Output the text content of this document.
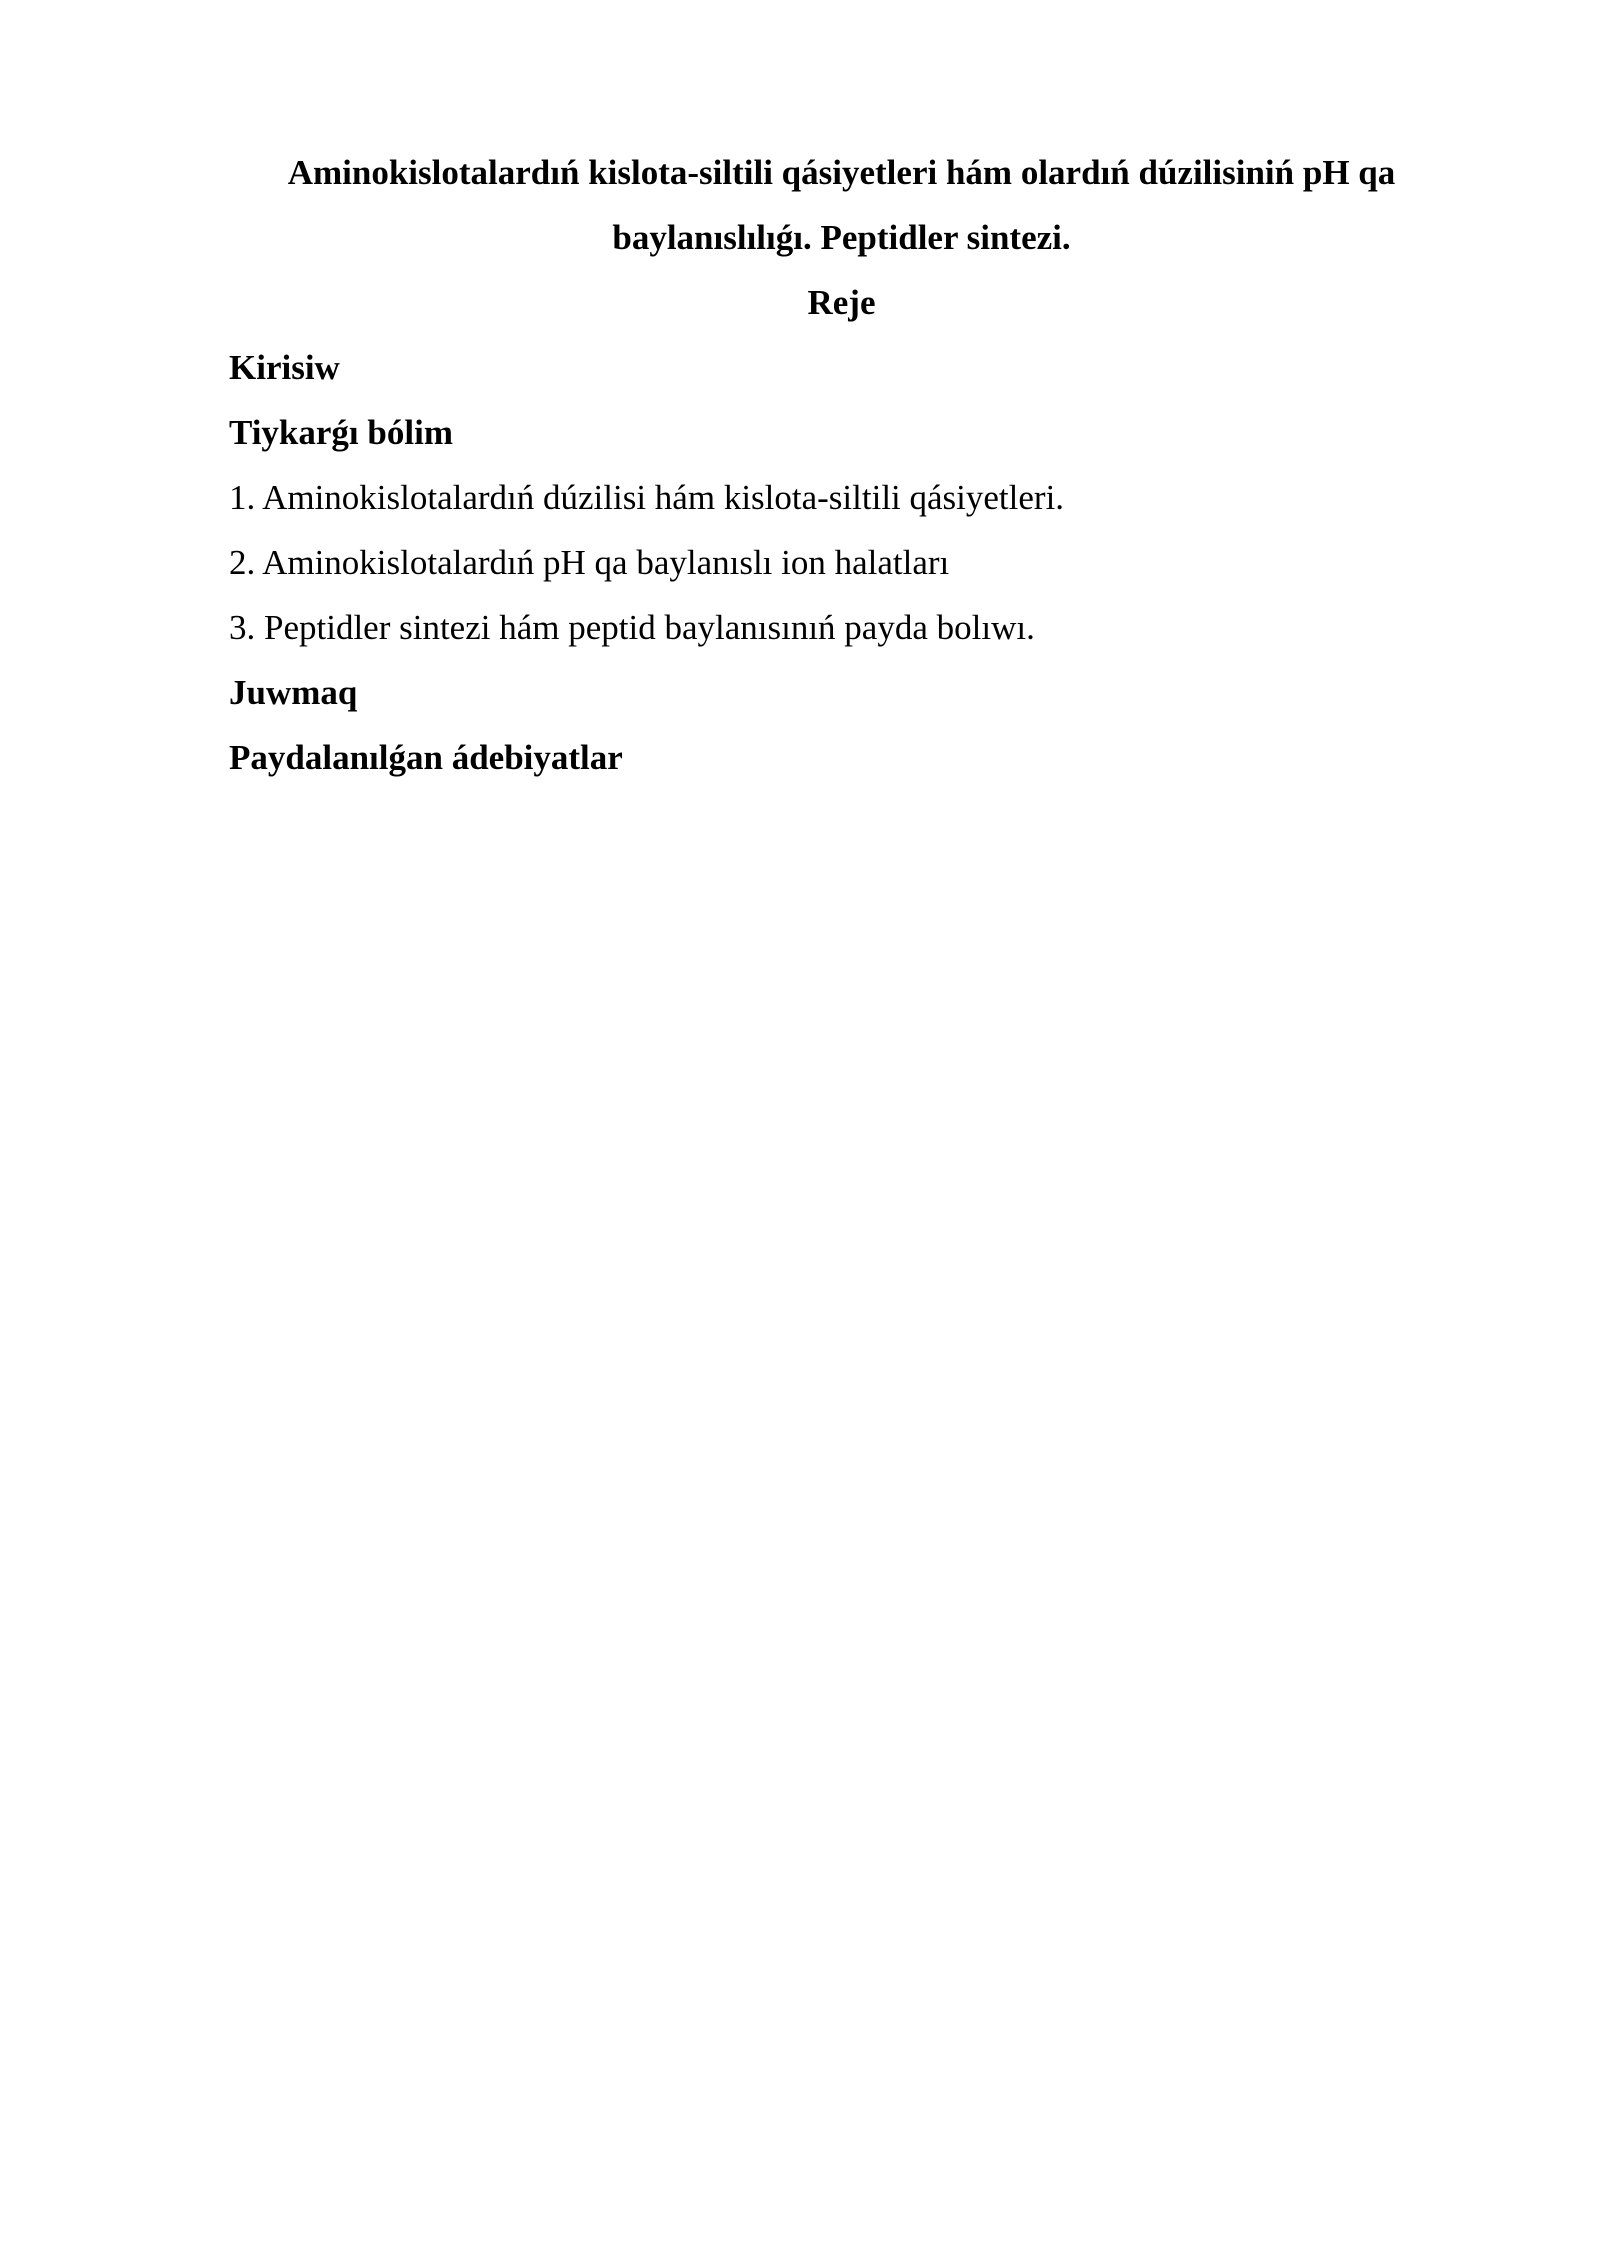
Aminokislotalardıń kislota-siltili qásiyetleri hám olardıń dúzilisiniń pH qa
baylanıslılıǵı. Peptidler sintezi.

Reje

Kirisiw

Tiykarǵı bólim

1. Aminokislotalardıń dúzilisi hám kislota-siltili qásiyetleri.

2. Aminokislotalardıń pH qa baylanıslı ion halatları

3. Peptidler sintezi hám peptid baylanısınıń payda bolıwı.

Juwmaq

Paydalanılǵan ádebiyatlar
